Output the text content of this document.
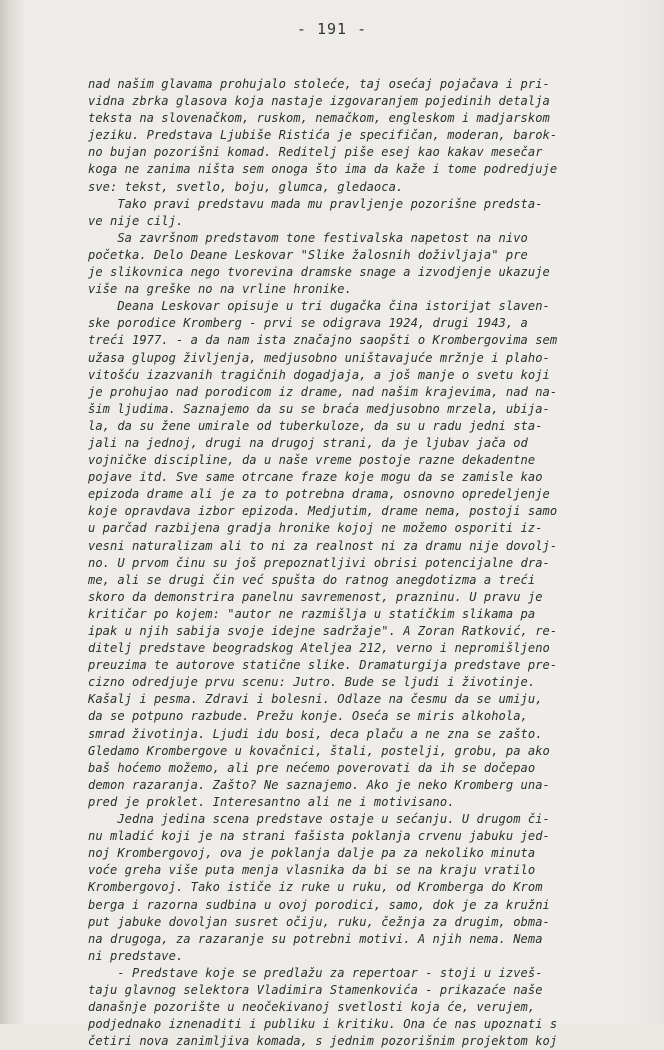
- 191 -
nad našim glavama prohujalo stoleće, taj osećaj pojačava i pri-
vidna zbrka glasova koja nastaje izgovaranjem pojedinih detalja
teksta na slovenačkom, ruskom, nemačkom, engleskom i madjarskom
jeziku. Predstava Ljubiše Ristića je specifičan, moderan, barok-
no bujan pozorišni komad. Reditelj piše esej kao kakav mesečar
koga ne zanima ništa sem onoga što ima da kaže i tome podredjuje
sve: tekst, svetlo, boju, glumca, gledaoca.
Tako pravi predstavu mada mu pravljenje pozorišne predsta-
ve nije cilj.
Sa završnom predstavom tone festivalska napetost na nivo
početka. Delo Deane Leskovar "Slike žalosnih doživljaja" pre
je slikovnica nego tvorevina dramske snage a izvodjenje ukazuje
više na greške no na vrline hronike.
Deana Leskovar opisuje u tri dugačka čina istorijat slaven-
ske porodice Kromberg - prvi se odigrava 1924, drugi 1943, a
treći 1977. - a da nam ista značajno saopšti o Krombergovima sem
užasa glupog življenja, medjusobno uništavajuće mržnje i plaho-
vitošću izazvanih tragičnih dogadjaja, a još manje o svetu koji
je prohujao nad porodicom iz drame, nad našim krajevima, nad na-
šim ljudima. Saznajemo da su se braća medjusobno mrzela, ubija-
la, da su žene umirale od tuberkuloze, da su u radu jedni sta-
jali na jednoj, drugi na drugoj strani, da je ljubav jača od
vojničke discipline, da u naše vreme postoje razne dekadentne
pojave itd. Sve same otrcane fraze koje mogu da se zamisle kao
epizoda drame ali je za to potrebna drama, osnovno opredeljenje
koje opravdava izbor epizoda. Medjutim, drame nema, postoji samo
u parčad razbijena gradja hronike kojoj ne možemo osporiti iz-
vesni naturalizam ali to ni za realnost ni za dramu nije dovolj-
no. U prvom činu su još prepoznatljivi obrisi potencijalne dra-
me, ali se drugi čin već spušta do ratnog anegdotizma a treći
skoro da demonstrira panelnu savremenost, prazninu. U pravu je
kritičar po kojem: "autor ne razmišlja u statičkim slikama pa
ipak u njih sabija svoje idejne sadržaje". A Zoran Ratković, re-
ditelj predstave beogradskog Ateljea 212, verno i nepromišljeno
preuzima te autorove statične slike. Dramaturgija predstave pre-
cizno odredjuje prvu scenu: Jutro. Bude se ljudi i životinje.
Kašalj i pesma. Zdravi i bolesni. Odlaze na česmu da se umiju,
da se potpuno razbude. Prežu konje. Oseća se miris alkohola,
smrad životinja. Ljudi idu bosi, deca plaču a ne zna se zašto.
Gledamo Krombergove u kovačnici, štali, postelji, grobu, pa ako
baš hoćemo možemo, ali pre nećemo poverovati da ih se dočepao
demon razaranja. Zašto? Ne saznajemo. Ako je neko Kromberg una-
pred je proklet. Interesantno ali ne i motivisano.
Jedna jedina scena predstave ostaje u sećanju. U drugom či-
nu mladić koji je na strani fašista poklanja crvenu jabuku jed-
noj Krombergovoj, ova je poklanja dalje pa za nekoliko minuta
voće greha više puta menja vlasnika da bi se na kraju vratilo
Krombergovoj. Tako ističe iz ruke u ruku, od Kromberga do Krom
berga i razorna sudbina u ovoj porodici, samo, dok je za kružni
put jabuke dovoljan susret očiju, ruku, čežnja za drugim, obma-
na drugoga, za razaranje su potrebni motivi. A njih nema. Nema
ni predstave.
- Predstave koje se predlažu za repertoar - stoji u izveš-
taju glavnog selektora Vladimira Stamenkovića - prikazaće naše
današnje pozorište u neočekivanoj svetlosti koja će, verujem,
podjednako iznenaditi i publiku i kritiku. Ona će nas upoznati s
četiri nova zanimljiva komada, s jednim pozorišnim projektom koj
